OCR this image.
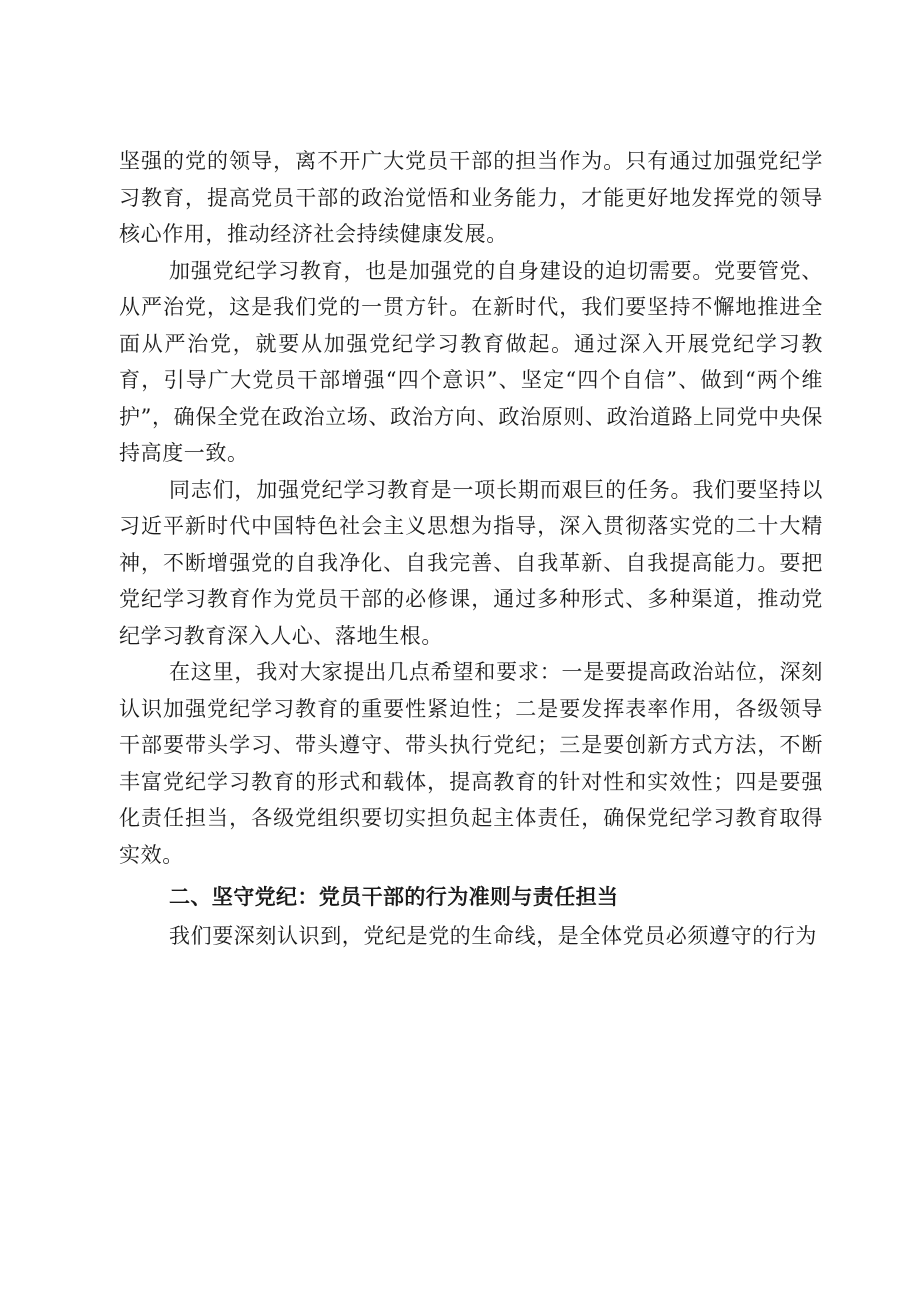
坚强的党的领导，离不开广大党员干部的担当作为。只有通过加强党纪学习教育，提高党员干部的政治觉悟和业务能力，才能更好地发挥党的领导核心作用，推动经济社会持续健康发展。

加强党纪学习教育，也是加强党的自身建设的迫切需要。党要管党、从严治党，这是我们党的一贯方针。在新时代，我们要坚持不懈地推进全面从严治党，就要从加强党纪学习教育做起。通过深入开展党纪学习教育，引导广大党员干部增强“四个意识”、坚定“四个自信”、做到“两个维护”，确保全党在政治立场、政治方向、政治原则、政治道路上同党中央保持高度一致。

同志们，加强党纪学习教育是一项长期而艰巨的任务。我们要坚持以习近平新时代中国特色社会主义思想为指导，深入贯彻落实党的二十大精神，不断增强党的自我净化、自我完善、自我革新、自我提高能力。要把党纪学习教育作为党员干部的必修课，通过多种形式、多种渠道，推动党纪学习教育深入人心、落地生根。

在这里，我对大家提出几点希望和要求：一是要提高政治站位，深刻认识加强党纪学习教育的重要性紧迫性；二是要发挥表率作用，各级领导干部要带头学习、带头遵守、带头执行党纪；三是要创新方式方法，不断丰富党纪学习教育的形式和载体，提高教育的针对性和实效性；四是要强化责任担当，各级党组织要切实担负起主体责任，确保党纪学习教育取得实效。

二、坚守党纪：党员干部的行为准则与责任担当

我们要深刻认识到，党纪是党的生命线，是全体党员必须遵守的行为
